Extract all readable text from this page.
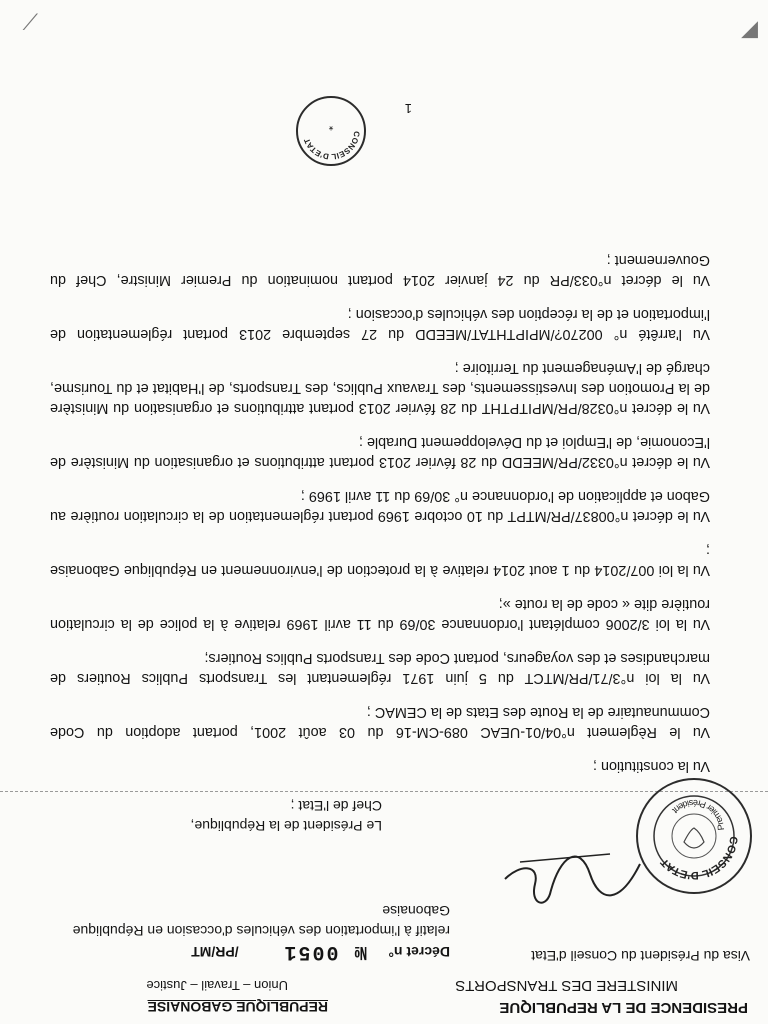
PRESIDENCE DE LA REPUBLIQUE
MINISTERE DES TRANSPORTS
REPUBLIQUE GABONAISE
Union – Travail – Justice
Visa du Président du Conseil d'Etat
Décret n° № 0051 /PR/MT
relatif à l'importation des véhicules d'occasion en République Gabonaise
Le Président de la République,
Chef de l'Etat ;

Vu la constitution ;

Vu le Règlement n°04/01-UEAC 089-CM-16 du 03 août 2001, portant adoption du Code Communautaire de la Route des Etats de la CEMAC ;

Vu la loi n°3/71/PR/MTCT du 5 juin 1971 réglementant les Transports Publics Routiers de marchandises et des voyageurs, portant Code des Transports Publics Routiers;

Vu la loi 3/2006 complétant l'ordonnance 30/69 du 11 avril 1969 relative à la police de la circulation routière dite « code de la route »;

Vu la loi 007/2014 du 1 aout 2014 relative à la protection de l'environnement en République Gabonaise ;

Vu le décret n°00837/PR/MTPT du 10 octobre 1969 portant réglementation de la circulation routière au Gabon et application de l'ordonnance n° 30/69 du 11 avril 1969 ;

Vu le décret n°0332/PR/MEEDD du 28 février 2013 portant attributions et organisation du Ministère de l'Economie, de l'Emploi et du Développement Durable ;

Vu le décret n°0328/PR/MPITPTHT du 28 février 2013 portant attributions et organisation du Ministère de la Promotion des Investissements, des Travaux Publics, des Transports, de l'Habitat et du Tourisme, chargé de l'Aménagement du Territoire ;

Vu l'arrêté n° 00270?/MPIPTHTAT/MEEDD du 27 septembre 2013 portant réglementation de l'importation et de la réception des véhicules d'occasion ;

Vu le décret n°033/PR du 24 janvier 2014 portant nomination du Premier Ministre, Chef du Gouvernement ;

CONSEIL D'ETAT
Premier Président
CONSEIL D'ETAT
*
1
⟋	◤
